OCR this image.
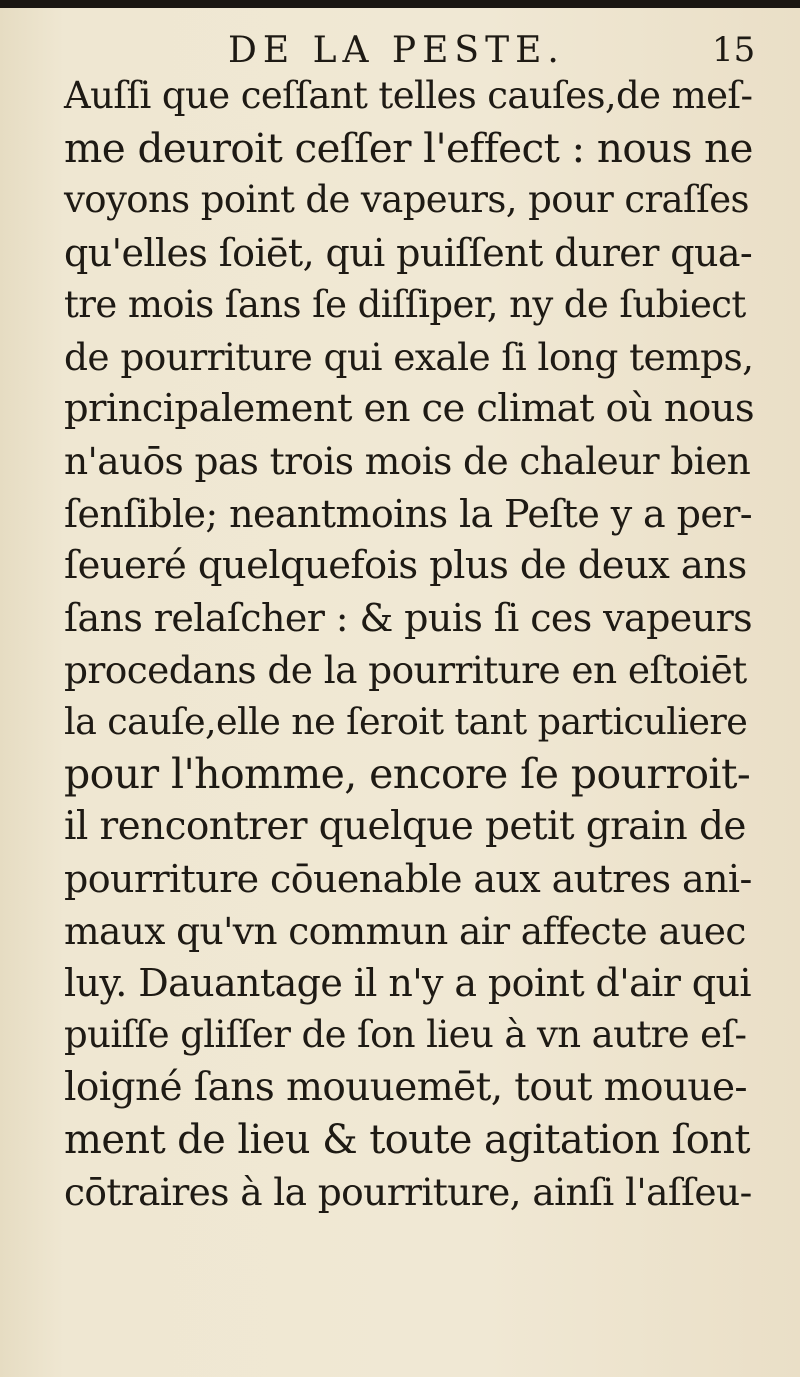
DE LA PESTE.	15
Auſſi que ceſſant telles cauſes,de meſ-
me deuroit ceſſer l'effect : nous ne
voyons point de vapeurs, pour craſſes
qu'elles ſoiēt, qui puiſſent durer qua-
tre mois ſans ſe diſſiper, ny de ſubiect
de pourriture qui exale ſi long temps,
principalement en ce climat où nous
n'auōs pas trois mois de chaleur bien
ſenſible; neantmoins la Peſte y a per-
ſeueré quelquefois plus de deux ans
ſans relaſcher : & puis ſi ces vapeurs
procedans de la pourriture en eſtoiēt
la cauſe,elle ne ſeroit tant particuliere
pour l'homme, encore ſe pourroit-
il rencontrer quelque petit grain de
pourriture cōuenable aux autres ani-
maux qu'vn commun air affecte auec
luy. Dauantage il n'y a point d'air qui
puiſſe gliſſer de ſon lieu à vn autre eſ-
loigné ſans mouuemēt, tout mouue-
ment de lieu & toute agitation ſont
cōtraires à la pourriture, ainſi l'aſſeu-
